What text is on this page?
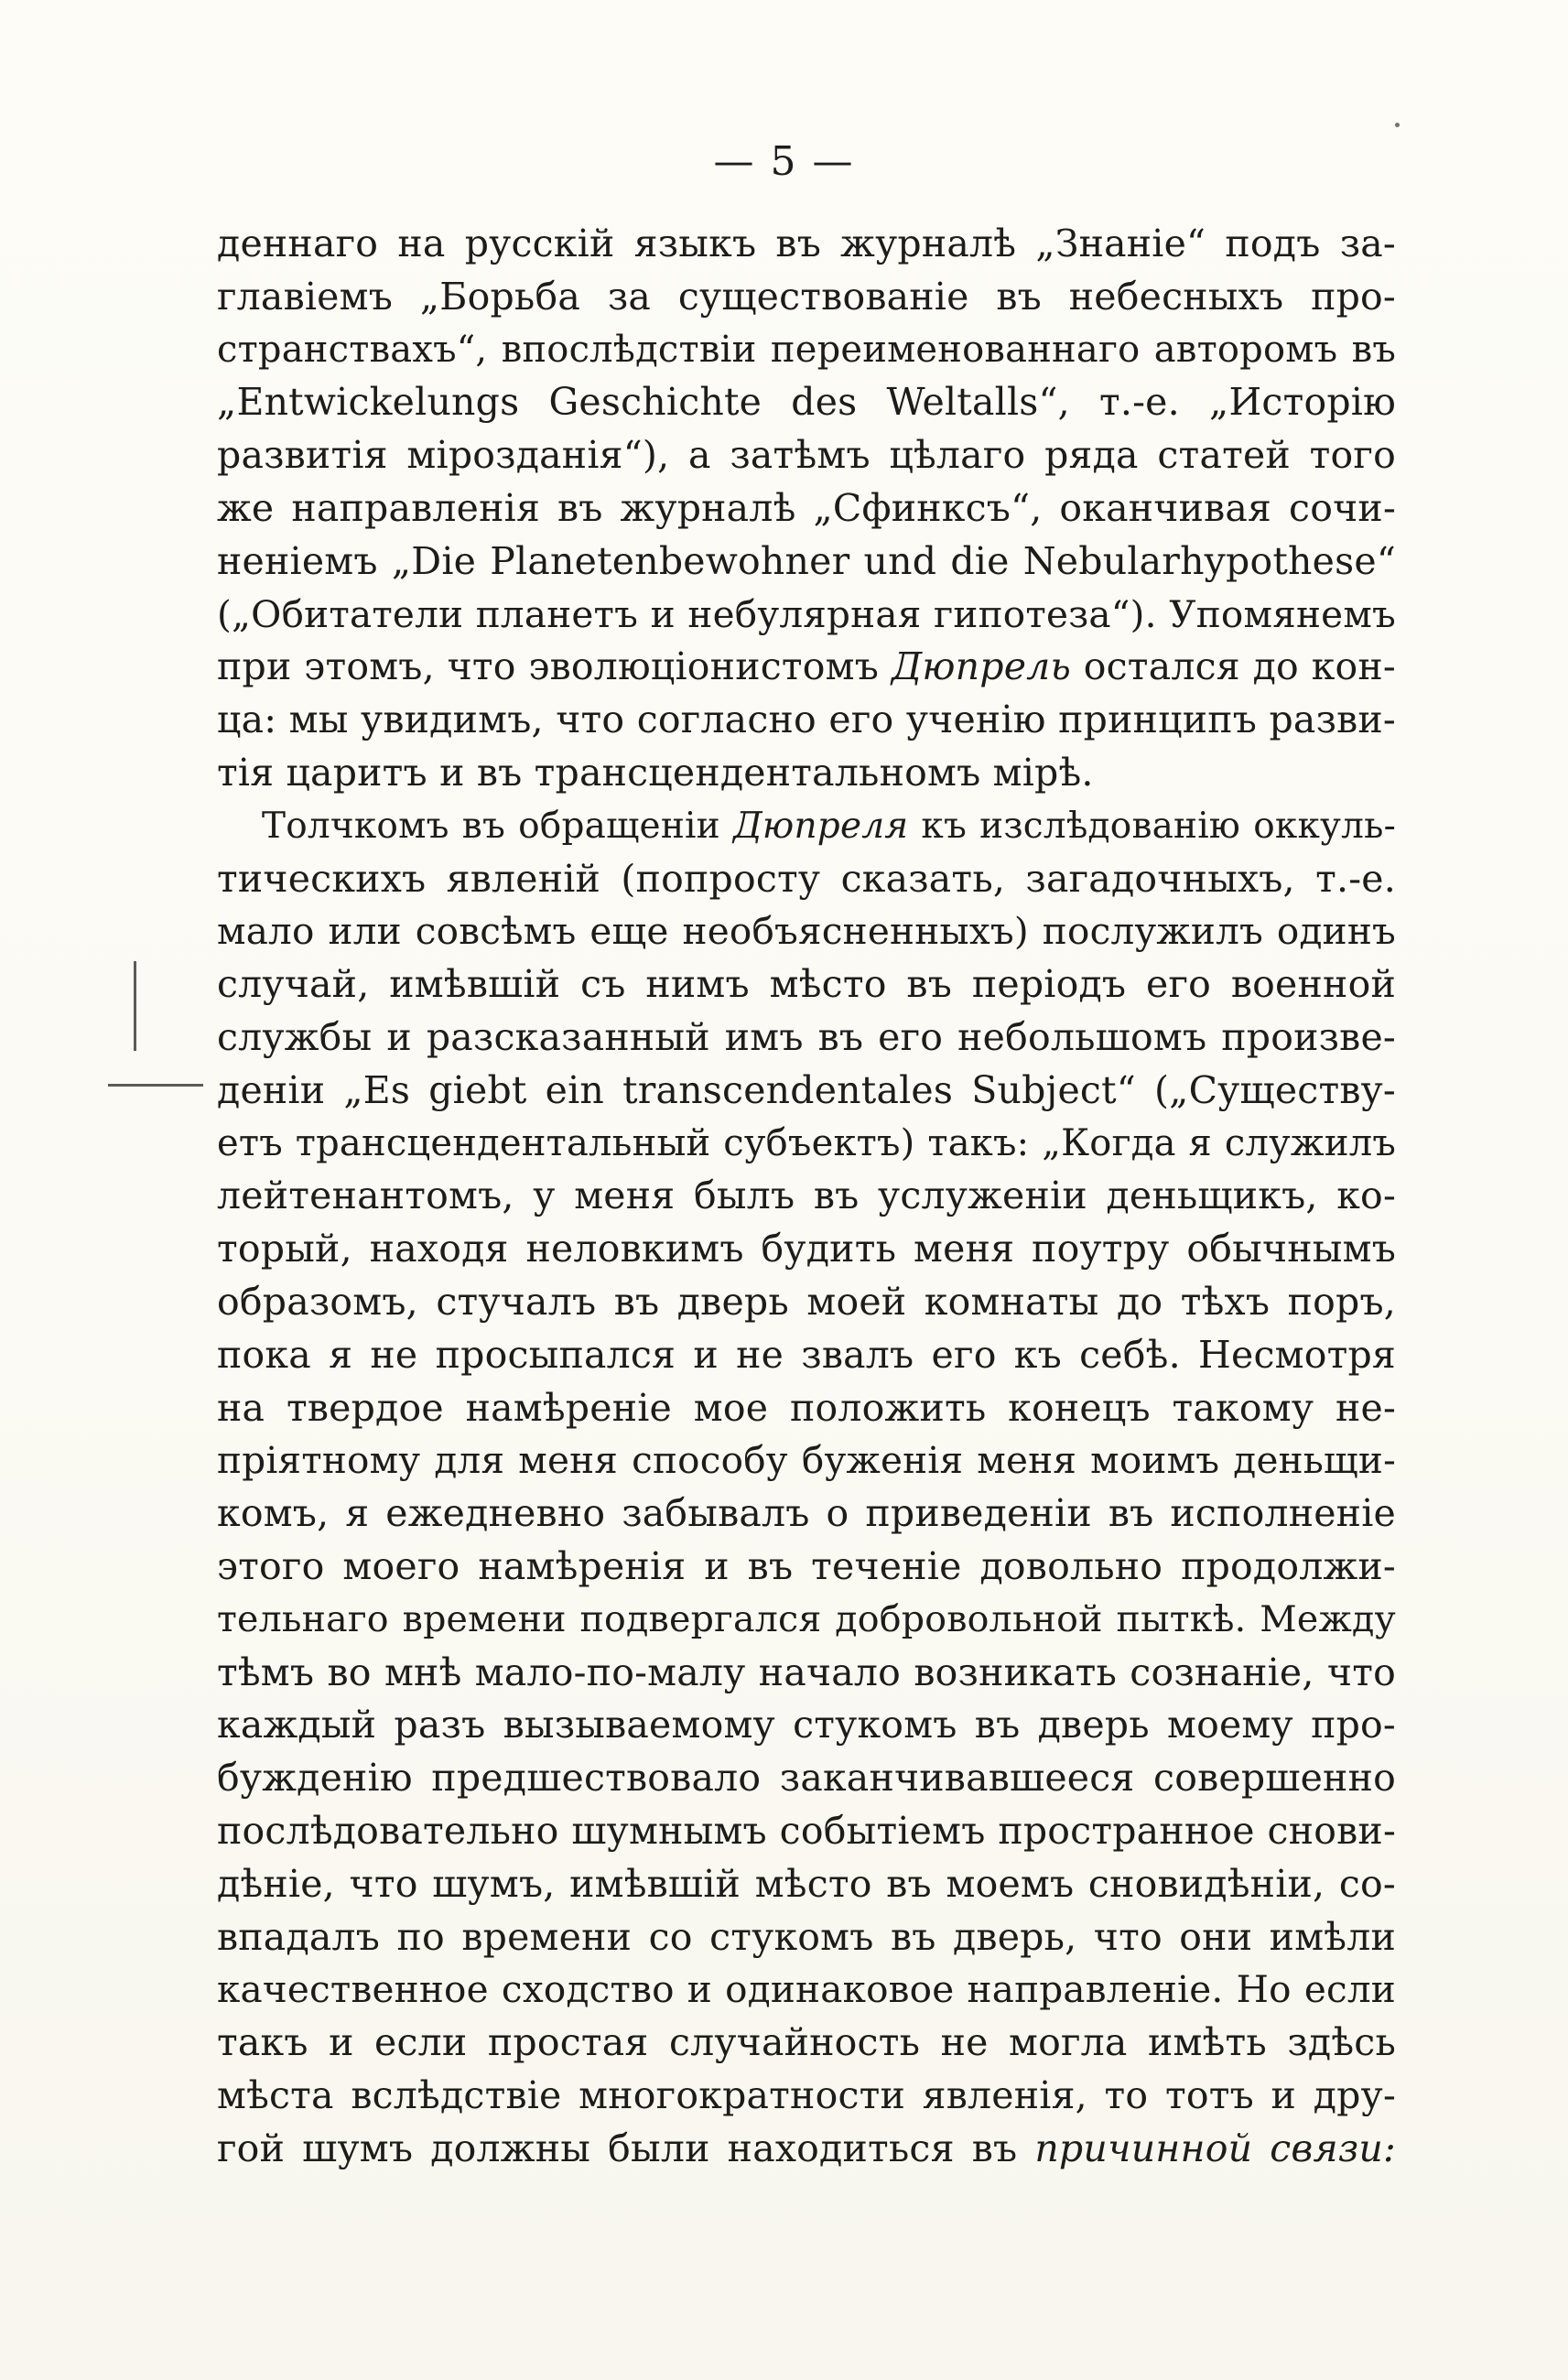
— 5 —
деннаго на русскій языкъ въ журналѣ „Знаніе“ подъ за-
главіемъ „Борьба за существованіе въ небесныхъ про-
странствахъ“, впослѣдствіи переименованнаго авторомъ въ
„Entwickelungs Geschichte des Weltalls“, т.-е. „Исторію
развитія мірозданія“), а затѣмъ цѣлаго ряда статей того
же направленія въ журналѣ „Сфинксъ“, оканчивая сочи-
неніемъ „Die Planetenbewohner und die Nebularhypothese“
(„Обитатели планетъ и небулярная гипотеза“). Упомянемъ
при этомъ, что эволюціонистомъ Дюпрель остался до кон-
ца: мы увидимъ, что согласно его ученію принципъ разви-
тія царитъ и въ трансцендентальномъ мірѣ.
Толчкомъ въ обращеніи Дюпреля къ изслѣдованію оккуль-
тическихъ явленій (попросту сказать, загадочныхъ, т.-е.
мало или совсѣмъ еще необъясненныхъ) послужилъ одинъ
случай, имѣвшій съ нимъ мѣсто въ періодъ его военной
службы и разсказанный имъ въ его небольшомъ произве-
деніи „Es giebt ein transcendentales Subject“ („Существу-
етъ трансцендентальный субъектъ) такъ: „Когда я служилъ
лейтенантомъ, у меня былъ въ услуженіи деньщикъ, ко-
торый, находя неловкимъ будить меня поутру обычнымъ
образомъ, стучалъ въ дверь моей комнаты до тѣхъ поръ,
пока я не просыпался и не звалъ его къ себѣ. Несмотря
на твердое намѣреніе мое положить конецъ такому не-
пріятному для меня способу буженія меня моимъ деньщи-
комъ, я ежедневно забывалъ о приведеніи въ исполненіе
этого моего намѣренія и въ теченіе довольно продолжи-
тельнаго времени подвергался добровольной пыткѣ. Между
тѣмъ во мнѣ мало-по-малу начало возникать сознаніе, что
каждый разъ вызываемому стукомъ въ дверь моему про-
бужденію предшествовало заканчивавшееся совершенно
послѣдовательно шумнымъ событіемъ пространное снови-
дѣніе, что шумъ, имѣвшій мѣсто въ моемъ сновидѣніи, со-
впадалъ по времени со стукомъ въ дверь, что они имѣли
качественное сходство и одинаковое направленіе. Но если
такъ и если простая случайность не могла имѣть здѣсь
мѣста вслѣдствіе многократности явленія, то тотъ и дру-
гой шумъ должны были находиться въ причинной связи:
